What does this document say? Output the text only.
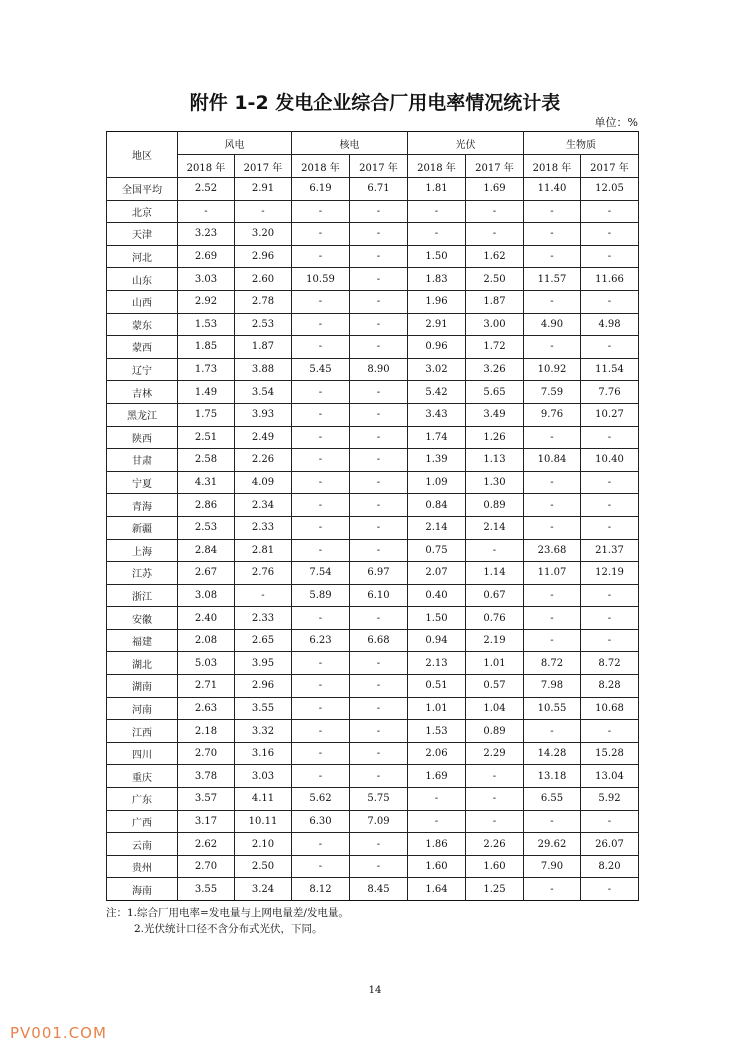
附件 1-2 发电企业综合厂用电率情况统计表
单位：%
地区	风电		核电		光伏		生物质	
	2018 年	2017 年	2018 年	2017 年	2018 年	2017 年	2018 年	2017 年
全国平均	2.52	2.91	6.19	6.71	1.81	1.69	11.40	12.05
北京	-	-	-	-	-	-	-	-
天津	3.23	3.20	-	-	-	-	-	-
河北	2.69	2.96	-	-	1.50	1.62	-	-
山东	3.03	2.60	10.59	-	1.83	2.50	11.57	11.66
山西	2.92	2.78	-	-	1.96	1.87	-	-
蒙东	1.53	2.53	-	-	2.91	3.00	4.90	4.98
蒙西	1.85	1.87	-	-	0.96	1.72	-	-
辽宁	1.73	3.88	5.45	8.90	3.02	3.26	10.92	11.54
吉林	1.49	3.54	-	-	5.42	5.65	7.59	7.76
黑龙江	1.75	3.93	-	-	3.43	3.49	9.76	10.27
陕西	2.51	2.49	-	-	1.74	1.26	-	-
甘肃	2.58	2.26	-	-	1.39	1.13	10.84	10.40
宁夏	4.31	4.09	-	-	1.09	1.30	-	-
青海	2.86	2.34	-	-	0.84	0.89	-	-
新疆	2.53	2.33	-	-	2.14	2.14	-	-
上海	2.84	2.81	-	-	0.75	-	23.68	21.37
江苏	2.67	2.76	7.54	6.97	2.07	1.14	11.07	12.19
浙江	3.08	-	5.89	6.10	0.40	0.67	-	-
安徽	2.40	2.33	-	-	1.50	0.76	-	-
福建	2.08	2.65	6.23	6.68	0.94	2.19	-	-
湖北	5.03	3.95	-	-	2.13	1.01	8.72	8.72
湖南	2.71	2.96	-	-	0.51	0.57	7.98	8.28
河南	2.63	3.55	-	-	1.01	1.04	10.55	10.68
江西	2.18	3.32	-	-	1.53	0.89	-	-
四川	2.70	3.16	-	-	2.06	2.29	14.28	15.28
重庆	3.78	3.03	-	-	1.69	-	13.18	13.04
广东	3.57	4.11	5.62	5.75	-	-	6.55	5.92
广西	3.17	10.11	6.30	7.09	-	-	-	-
云南	2.62	2.10	-	-	1.86	2.26	29.62	26.07
贵州	2.70	2.50	-	-	1.60	1.60	7.90	8.20
海南	3.55	3.24	8.12	8.45	1.64	1.25	-	-
注：1.综合厂用电率=发电量与上网电量差/发电量。
2.光伏统计口径不含分布式光伏，下同。
14
PV001.COM
